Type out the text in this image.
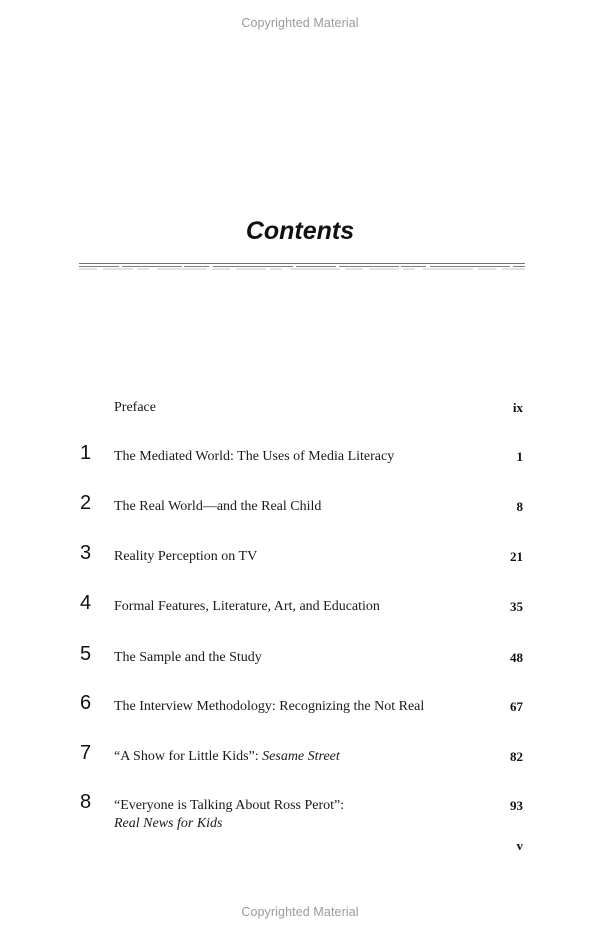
Copyrighted Material
Contents
Preface	ix
1 The Mediated World: The Uses of Media Literacy	1
2 The Real World—and the Real Child	8
3 Reality Perception on TV	21
4 Formal Features, Literature, Art, and Education	35
5 The Sample and the Study	48
6 The Interview Methodology: Recognizing the Not Real	67
7 “A Show for Little Kids”: Sesame Street	82
8 “Everyone is Talking About Ross Perot”:
Real News for Kids
93
v
Copyrighted Material
